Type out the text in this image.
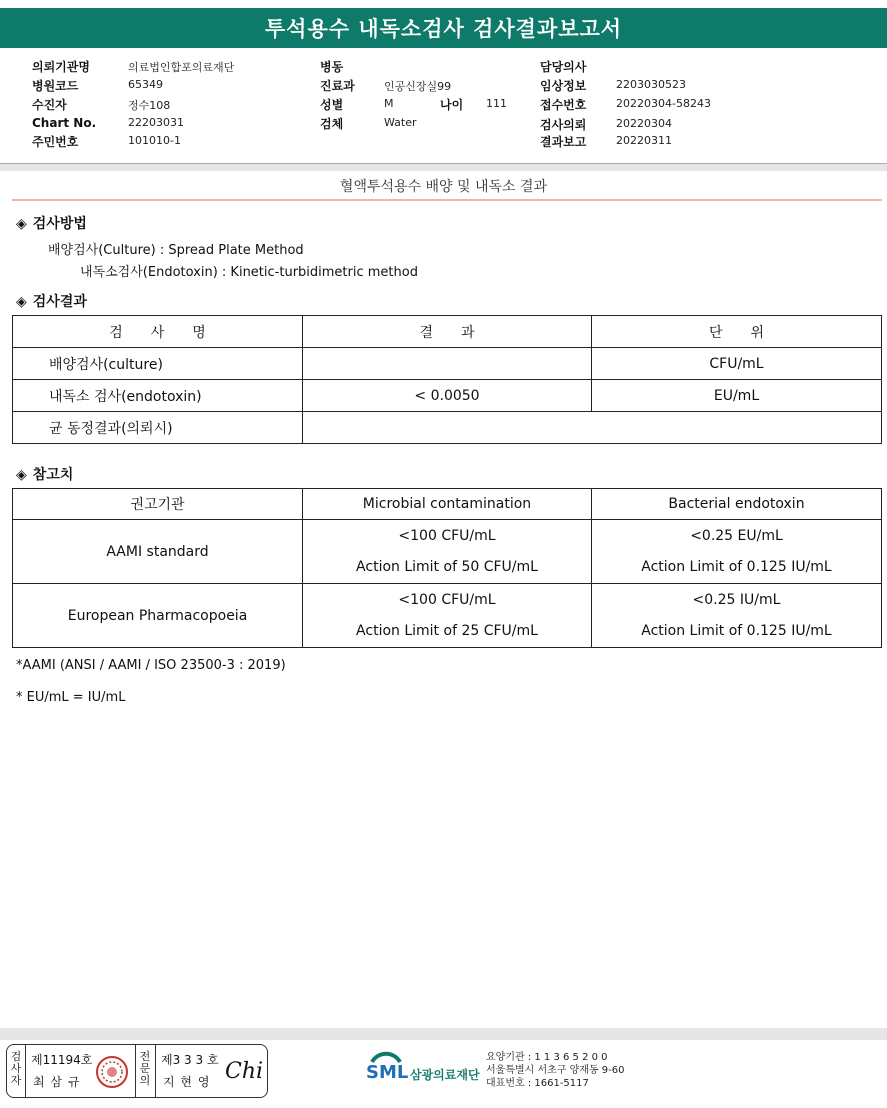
투석용수 내독소검사 검사결과보고서
의뢰기관명	의료법인합포의료재단
병원코드	65349
수진자	정수108
Chart No.	22203031
주민번호	101010-1
병동
진료과	인공신장실99
성별	M	나이 111
검체	Water
담당의사
임상정보	2203030523
접수번호	20220304-58243
검사의뢰	20220304
결과보고	20220311
혈액투석용수 배양 및 내독소 결과
◈ 검사방법
배양검사(Culture) : Spread Plate Method
내독소검사(Endotoxin) : Kinetic-turbidimetric method
◈ 검사결과
검　　사　　명	결　　과	단　　위
배양검사(culture)		CFU/mL
내독소 검사(endotoxin)	< 0.0050	EU/mL
균 동정결과(의뢰시)		
◈ 참고치
권고기관	Microbial contamination	Bacterial endotoxin
AAMI standard	<100 CFU/mL	<0.25 EU/mL
	Action Limit of 50 CFU/mL	Action Limit of 0.125 IU/mL
European Pharmacopoeia	<100 CFU/mL	<0.25 IU/mL
	Action Limit of 25 CFU/mL	Action Limit of 0.125 IU/mL
*AAMI (ANSI / AAMI / ISO 23500-3 : 2019)
* EU/mL = IU/mL
검사자
제11194호
최 삼 규
전문의
제3 3 3 호
지 현 영 Chi	SML 삼광의료재단
요양기관 : 1 1 3 6 5 2 0 0
서울특별시 서초구 양재동 9-60
대표번호 : 1661-5117
